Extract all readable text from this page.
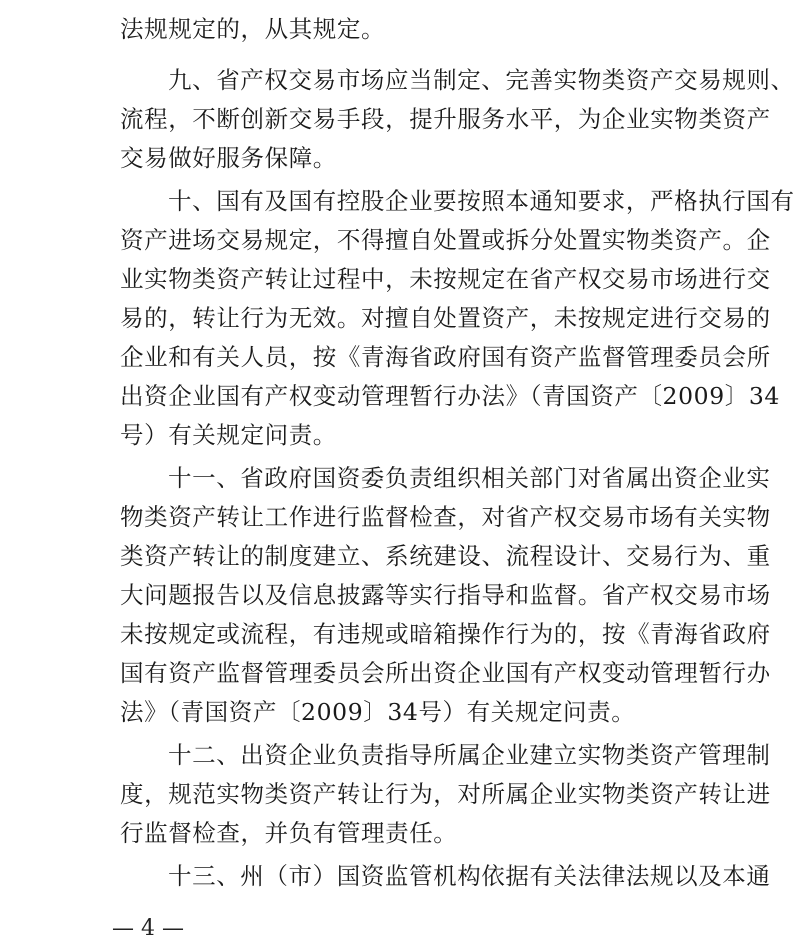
法规规定的，从其规定。
九、省产权交易市场应当制定、完善实物类资产交易规则、
流程，不断创新交易手段，提升服务水平，为企业实物类资产
交易做好服务保障。
十、国有及国有控股企业要按照本通知要求，严格执行国有
资产进场交易规定，不得擅自处置或拆分处置实物类资产。企
业实物类资产转让过程中，未按规定在省产权交易市场进行交
易的，转让行为无效。对擅自处置资产，未按规定进行交易的
企业和有关人员，按《青海省政府国有资产监督管理委员会所
出资企业国有产权变动管理暂行办法》（青国资产〔2009〕34
号）有关规定问责。
十一、省政府国资委负责组织相关部门对省属出资企业实
物类资产转让工作进行监督检查，对省产权交易市场有关实物
类资产转让的制度建立、系统建设、流程设计、交易行为、重
大问题报告以及信息披露等实行指导和监督。省产权交易市场
未按规定或流程，有违规或暗箱操作行为的，按《青海省政府
国有资产监督管理委员会所出资企业国有产权变动管理暂行办
法》（青国资产〔2009〕34号）有关规定问责。
十二、出资企业负责指导所属企业建立实物类资产管理制
度，规范实物类资产转让行为，对所属企业实物类资产转让进
行监督检查，并负有管理责任。
十三、州（市）国资监管机构依据有关法律法规以及本通
— 4 —
